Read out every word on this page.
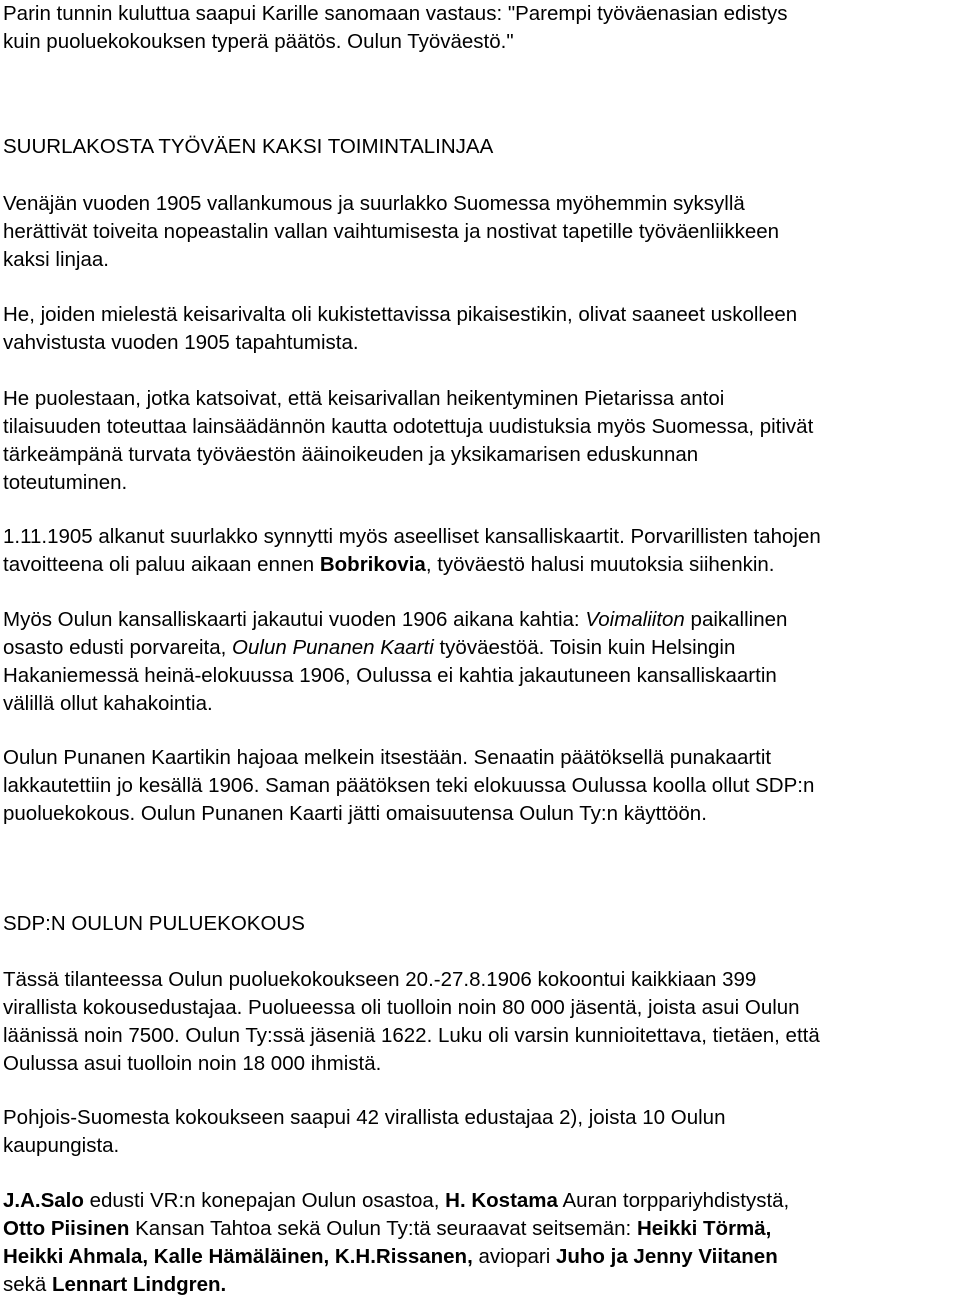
Parin tunnin kuluttua saapui Karille sanomaan vastaus: "Parempi työväenasian edistys
kuin puoluekokouksen typerä päätös. Oulun Työväestö."
SUURLAKOSTA TYÖVÄEN KAKSI TOIMINTALINJAA
Venäjän vuoden 1905 vallankumous ja suurlakko Suomessa myöhemmin syksyllä
herättivät toiveita nopeastalin vallan vaihtumisesta ja nostivat tapetille työväenliikkeen
kaksi linjaa.
He, joiden mielestä keisarivalta oli kukistettavissa pikaisestikin, olivat saaneet uskolleen
vahvistusta vuoden 1905 tapahtumista.
He puolestaan, jotka katsoivat, että keisarivallan heikentyminen Pietarissa antoi
tilaisuuden toteuttaa lainsäädännön kautta odotettuja uudistuksia myös Suomessa, pitivät
tärkeämpänä turvata työväestön ääinoikeuden ja yksikamarisen eduskunnan
toteutuminen.
1.11.1905 alkanut suurlakko synnytti myös aseelliset kansalliskaartit. Porvarillisten tahojen
tavoitteena oli paluu aikaan ennen Bobrikovia, työväestö halusi muutoksia siihenkin.
Myös Oulun kansalliskaarti jakautui vuoden 1906 aikana kahtia: Voimaliiton paikallinen
osasto edusti porvareita, Oulun Punanen Kaarti työväestöä. Toisin kuin Helsingin
Hakaniemessä heinä-elokuussa 1906, Oulussa ei kahtia jakautuneen kansalliskaartin
välillä ollut kahakointia.
Oulun Punanen Kaartikin hajoaa melkein itsestään. Senaatin päätöksellä punakaartit
lakkautettiin jo kesällä 1906. Saman päätöksen teki elokuussa Oulussa koolla ollut SDP:n
puoluekokous. Oulun Punanen Kaarti jätti omaisuutensa Oulun Ty:n käyttöön.
SDP:N OULUN PULUEKOKOUS
Tässä tilanteessa Oulun puoluekokoukseen 20.-27.8.1906 kokoontui kaikkiaan 399
virallista kokousedustajaa. Puolueessa oli tuolloin noin 80 000 jäsentä, joista asui Oulun
läänissä noin 7500. Oulun Ty:ssä jäseniä 1622. Luku oli varsin kunnioitettava, tietäen, että
Oulussa asui tuolloin noin 18 000 ihmistä.
Pohjois-Suomesta kokoukseen saapui 42 virallista edustajaa 2), joista 10 Oulun
kaupungista.
J.A.Salo edusti VR:n konepajan Oulun osastoa, H. Kostama Auran torppariyhdistystä,
Otto Piisinen Kansan Tahtoa sekä Oulun Ty:tä seuraavat seitsemän: Heikki Törmä,
Heikki Ahmala, Kalle Hämäläinen, K.H.Rissanen, aviopari Juho ja Jenny Viitanen
sekä Lennart Lindgren.
